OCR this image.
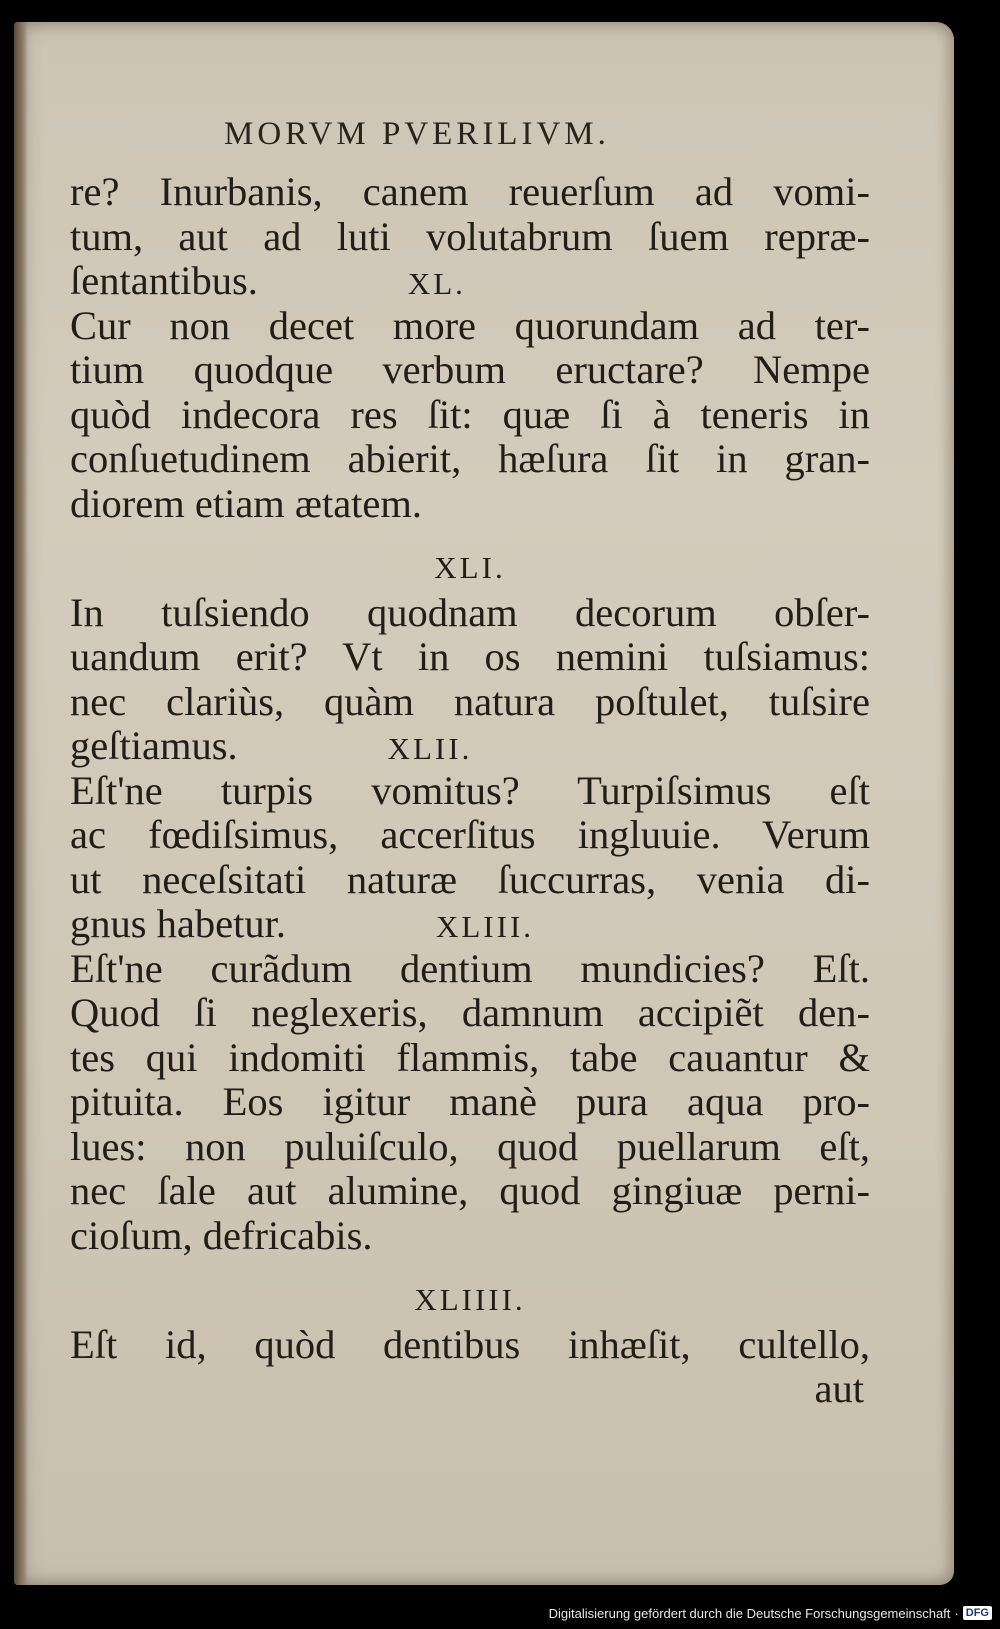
MORVM PVERILIVM.
re? Inurbanis, canem reuerſum ad vomi-
tum, aut ad luti volutabrum ſuem repræ-
ſentantibus.	XL.
Cur non decet more quorundam ad ter-
tium quodque verbum eructare? Nempe
quòd indecora res ſit: quæ ſi à teneris in
conſuetudinem abierit, hæſura ſit in gran-
diorem etiam ætatem.
XLI.
In tuſsiendo quodnam decorum obſer-
uandum erit? Vt in os nemini tuſsiamus:
nec clariùs, quàm natura poſtulet, tuſsire
geſtiamus.	XLII.
Eſt'ne turpis vomitus? Turpiſsimus eſt
ac fœdiſsimus, accerſitus ingluuie. Verum
ut neceſsitati naturæ ſuccurras, venia di-
gnus habetur.	XLIII.
Eſt'ne curãdum dentium mundicies? Eſt.
Quod ſi neglexeris, damnum accipiẽt den-
tes qui indomiti flammis, tabe cauantur &
pituita. Eos igitur manè pura aqua pro-
lues: non puluiſculo, quod puellarum eſt,
nec ſale aut alumine, quod gingiuæ perni-
cioſum, defricabis.
XLIIII.
Eſt id, quòd dentibus inhæſit, cultello,
aut
Digitalisierung gefördert durch die Deutsche Forschungsgemeinschaft · DFG
